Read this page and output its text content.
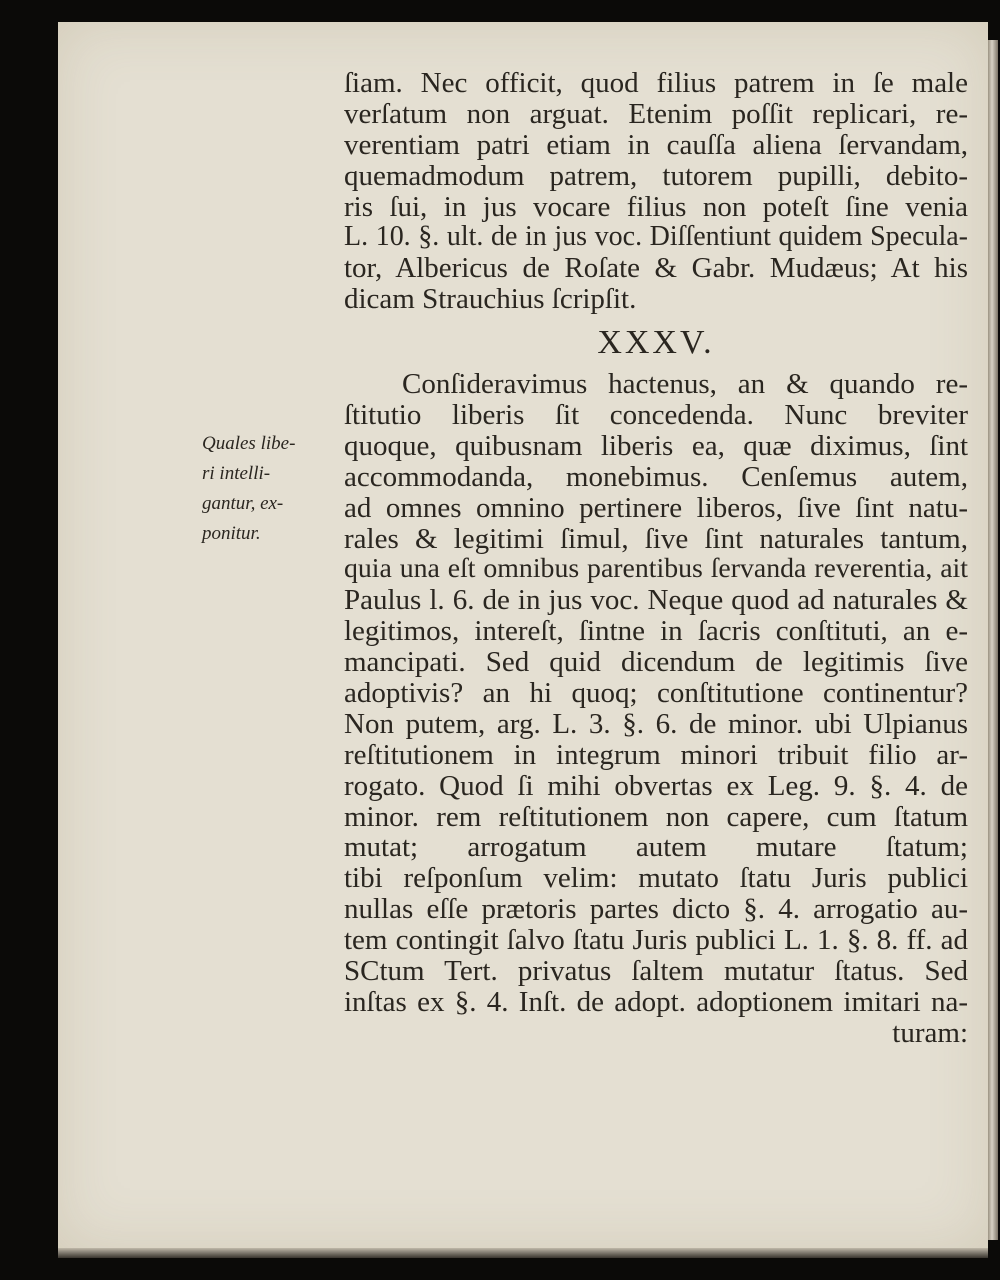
Quales libe-
ri intelli-
gantur, ex-
ponitur.
ſiam. Nec officit, quod filius patrem in ſe male
verſatum non arguat. Etenim poſſit replicari, re-
verentiam patri etiam in cauſſa aliena ſervandam,
quemadmodum patrem, tutorem pupilli, debito-
ris ſui, in jus vocare filius non poteſt ſine venia
L. 10. §. ult. de in jus voc. Diſſentiunt quidem Specula-
tor, Albericus de Roſate & Gabr. Mudæus; At his
dicam Strauchius ſcripſit.
XXXV.
Conſideravimus hactenus, an & quando re-
ſtitutio liberis ſit concedenda. Nunc breviter
quoque, quibusnam liberis ea, quæ diximus, ſint
accommodanda, monebimus. Cenſemus autem,
ad omnes omnino pertinere liberos, ſive ſint natu-
rales & legitimi ſimul, ſive ſint naturales tantum,
quia una eſt omnibus parentibus ſervanda reverentia, ait
Paulus l. 6. de in jus voc. Neque quod ad naturales &
legitimos, intereſt, ſintne in ſacris conſtituti, an e-
mancipati. Sed quid dicendum de legitimis ſive
adoptivis? an hi quoq; conſtitutione continentur?
Non putem, arg. L. 3. §. 6. de minor. ubi Ulpianus
reſtitutionem in integrum minori tribuit filio ar-
rogato. Quod ſi mihi obvertas ex Leg. 9. §. 4. de
minor. rem reſtitutionem non capere, cum ſtatum
mutat; arrogatum autem mutare ſtatum;
tibi reſponſum velim: mutato ſtatu Juris publici
nullas eſſe prætoris partes dicto §. 4. arrogatio au-
tem contingit ſalvo ſtatu Juris publici L. 1. §. 8. ff. ad
SCtum Tert. privatus ſaltem mutatur ſtatus. Sed
inſtas ex §. 4. Inſt. de adopt. adoptionem imitari na-
turam:
